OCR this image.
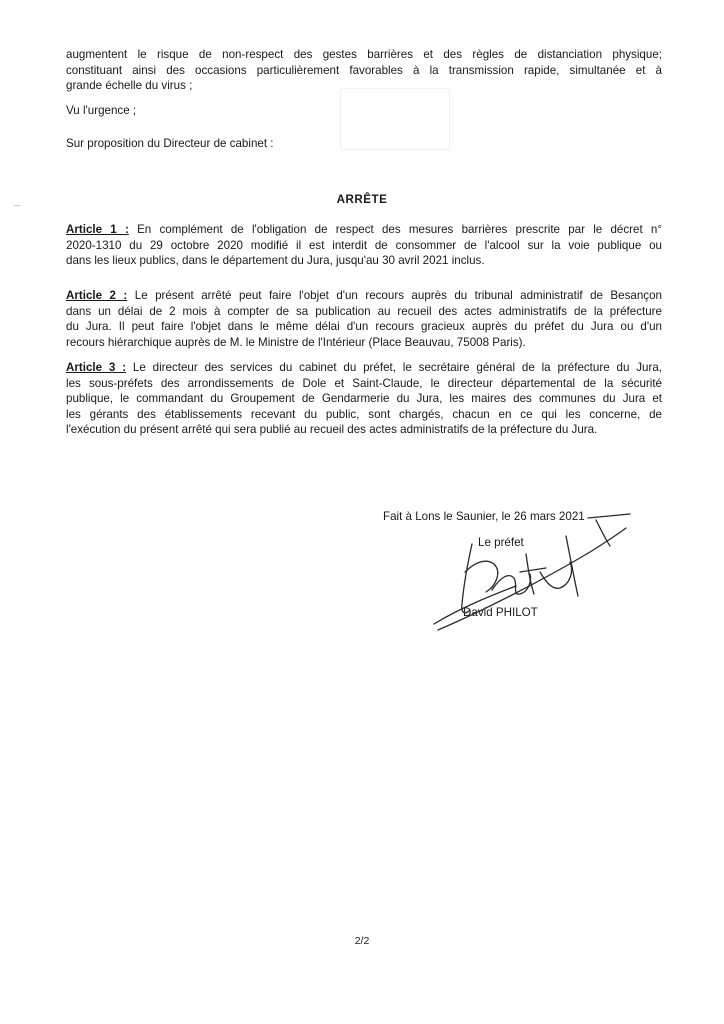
augmentent le risque de non-respect des gestes barrières et des règles de distanciation physique;
constituant ainsi des occasions particulièrement favorables à la transmission rapide, simultanée et à
grande échelle du virus ;

Vu l'urgence ;

Sur proposition du Directeur de cabinet :

ARRÊTE

Article 1 : En complément de l'obligation de respect des mesures barrières prescrite par le décret n°
2020-1310 du 29 octobre 2020 modifié il est interdit de consommer de l'alcool sur la voie publique ou
dans les lieux publics, dans le département du Jura, jusqu'au 30 avril 2021 inclus.

Article 2 : Le présent arrêté peut faire l'objet d'un recours auprès du tribunal administratif de Besançon
dans un délai de 2 mois à compter de sa publication au recueil des actes administratifs de la préfecture
du Jura. Il peut faire l'objet dans le même délai d'un recours gracieux auprès du préfet du Jura ou d'un
recours hiérarchique auprès de M. le Ministre de l'Intérieur (Place Beauvau, 75008 Paris).

Article 3 : Le directeur des services du cabinet du préfet, le secrétaire général de la préfecture du Jura,
les sous-préfets des arrondissements de Dole et Saint-Claude, le directeur départemental de la sécurité
publique, le commandant du Groupement de Gendarmerie du Jura, les maires des communes du Jura et
les gérants des établissements recevant du public, sont chargés, chacun en ce qui les concerne, de
l'exécution du présent arrêté qui sera publié au recueil des actes administratifs de la préfecture du Jura.

Fait à Lons le Saunier, le 26 mars 2021
Le préfet
David PHILOT
2/2
